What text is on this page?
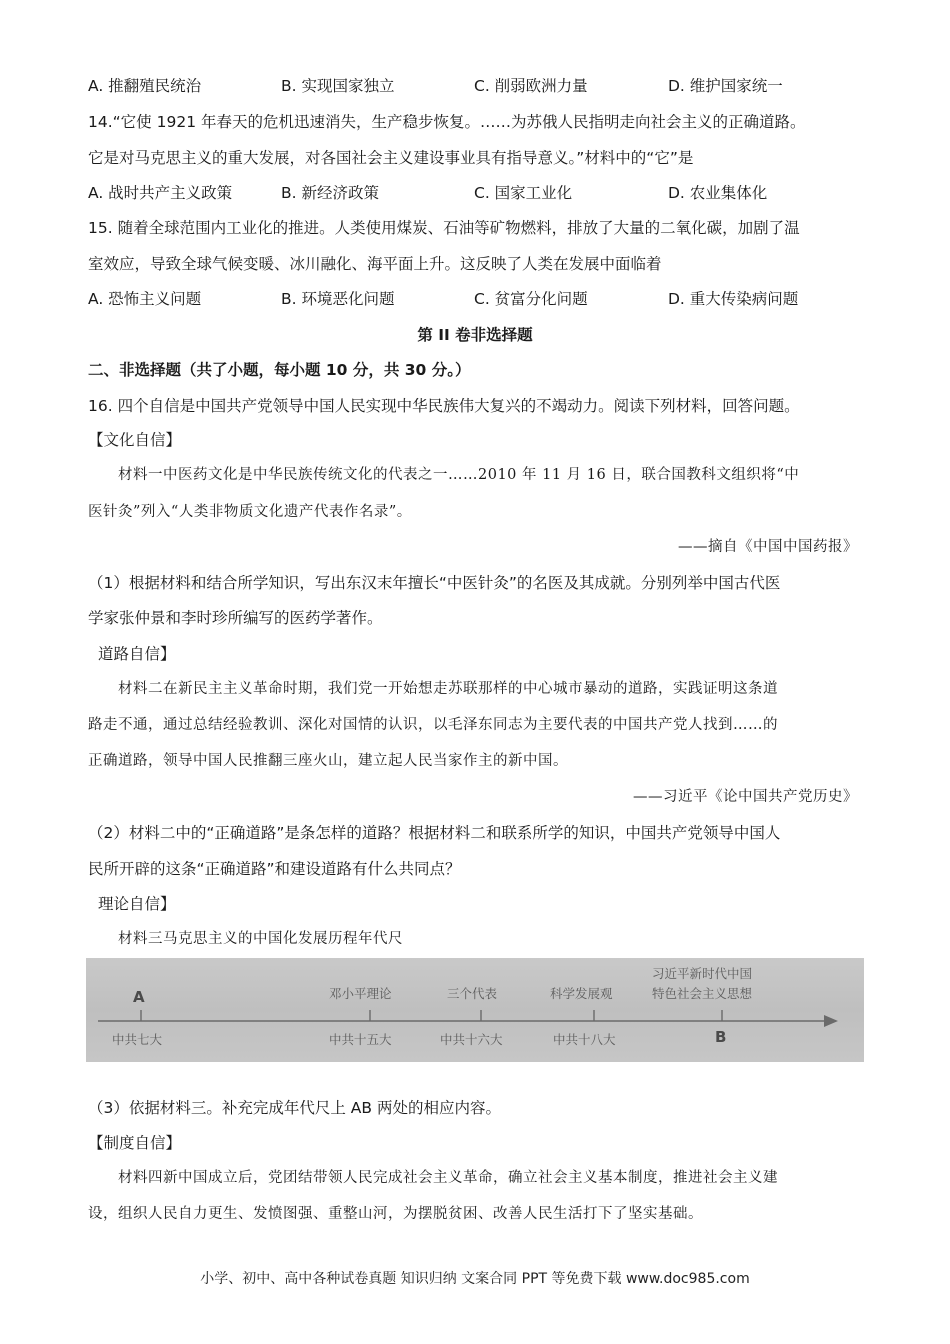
A. 推翻殖民统治	B. 实现国家独立	C. 削弱欧洲力量	D. 维护国家统一
14.“它使 1921 年春天的危机迅速消失，生产稳步恢复。……为苏俄人民指明走向社会主义的正确道路。
它是对马克思主义的重大发展，对各国社会主义建设事业具有指导意义。”材料中的“它”是
A. 战时共产主义政策	B. 新经济政策	C. 国家工业化	D. 农业集体化
15. 随着全球范围内工业化的推进。人类使用煤炭、石油等矿物燃料，排放了大量的二氧化碳，加剧了温
室效应，导致全球气候变暖、冰川融化、海平面上升。这反映了人类在发展中面临着
A. 恐怖主义问题	B. 环境恶化问题	C. 贫富分化问题	D. 重大传染病问题
第 II 卷非选择题
二、非选择题（共了小题，每小题 10 分，共 30 分。）
16. 四个自信是中国共产党领导中国人民实现中华民族伟大复兴的不竭动力。阅读下列材料，回答问题。
【文化自信】
材料一中医药文化是中华民族传统文化的代表之一……2010 年 11 月 16 日，联合国教科文组织将“中
医针灸”列入“人类非物质文化遗产代表作名录”。
——摘自《中国中国药报》
（1）根据材料和结合所学知识，写出东汉末年擅长“中医针灸”的名医及其成就。分别列举中国古代医
学家张仲景和李时珍所编写的医药学著作。
道路自信】
材料二在新民主主义革命时期，我们党一开始想走苏联那样的中心城市暴动的道路，实践证明这条道
路走不通，通过总结经验教训、深化对国情的认识，以毛泽东同志为主要代表的中国共产党人找到……的
正确道路，领导中国人民推翻三座火山，建立起人民当家作主的新中国。
——习近平《论中国共产党历史》
（2）材料二中的“正确道路”是条怎样的道路？根据材料二和联系所学的知识，中国共产党领导中国人
民所开辟的这条“正确道路”和建设道路有什么共同点？
理论自信】
材料三马克思主义的中国化发展历程年代尺
A	邓小平理论	三个代表	科学发展观
习近平新时代中国
特色社会主义思想
中共七大	中共十五大	中共十六大	中共十八大	B
（3）依据材料三。补充完成年代尺上 AB 两处的相应内容。
【制度自信】
材料四新中国成立后，党团结带领人民完成社会主义革命，确立社会主义基本制度，推进社会主义建
设，组织人民自力更生、发愤图强、重整山河，为摆脱贫困、改善人民生活打下了坚实基础。
小学、初中、高中各种试卷真题 知识归纳 文案合同 PPT 等免费下载 www.doc985.com
